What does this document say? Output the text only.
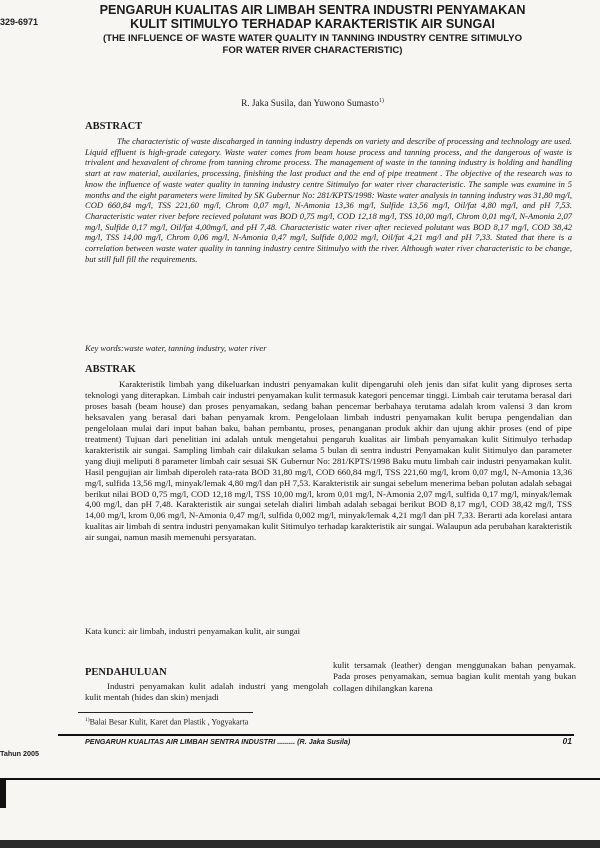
329-6971

PENGARUH KUALITAS AIR LIMBAH SENTRA INDUSTRI PENYAMAKAN KULIT SITIMULYO TERHADAP KARAKTERISTIK AIR SUNGAI

(THE INFLUENCE OF WASTE WATER QUALITY IN TANNING INDUSTRY CENTRE SITIMULYO FOR WATER RIVER CHARACTERISTIC)

R. Jaka Susila, dan Yuwono Sumasto$^{1)}$
ABSTRACT

The characteristic of waste discaharged in tanning industry depends on variety and describe of processing and technology are used. Liquid effluent is high-grade category. Waste water comes from beam house process and tanning process, and the dangerous of waste is trivalent and hexavalent of chrome from tanning chrome process. The management of waste in the tanning industry is holding and handling start at raw material, auxilaries, processing, finishing the last product and the end of pipe treatment . The objective of the research was to know the influence of waste water quality in tanning industry centre Sitimulyo for water river characteristic. The sample was examine in 5 months and the eight parameters were limited by SK Gubernur No: 281/KPTS/1998: Waste water analysis in tanning industry was 31,80 mg/l, COD 660,84 mg/l, TSS 221,60 mg/l, Chrom 0,07 mg/l, N-Amonia 13,36 mg/l, Sulfide 13,56 mg/l, Oil/fat 4,80 mg/l, and pH 7,53. Characteristic water river before recieved polutant was BOD 0,75 mg/l, COD 12,18 mg/l, TSS 10,00 mg/l, Chrom 0,01 mg/l, N-Amonia 2,07 mg/l, Sulfide 0,17 mg/l, Oil/fat 4,00mg/l, and pH 7,48. Characteristic water river after recieved polutant was BOD 8,17 mg/l, COD 38,42 mg/l, TSS 14,00 mg/l, Chrom 0,06 mg/l, N-Amonia 0,47 mg/l, Sulfide 0,002 mg/l, Oil/fat 4,21 mg/l and pH 7,33. Stated that there is a correlation between waste water quality in tanning industry centre Sitimulyo with the river. Although water river characteristic to be change, but still full fill the requirements.

Key words:waste water, tanning industry, water river
ABSTRAK

Karakteristik limbah yang dikeluarkan industri penyamakan kulit dipengaruhi oleh jenis dan sifat kulit yang diproses serta teknologi yang diterapkan. Limbah cair industri penyamakan kulit termasuk kategori pencemar tinggi. Limbah cair terutama berasal dari proses basah (beam house) dan proses penyamakan, sedang bahan pencemar berbahaya terutama adalah krom valensi 3 dan krom heksavalen yang berasal dari bahan penyamak krom. Pengelolaan limbah industri penyamakan kulit berupa pengendalian dan pengelolaan mulai dari input bahan baku, bahan pembantu, proses, penanganan produk akhir dan ujung akhir proses (end of pipe treatment) Tujuan dari penelitian ini adalah untuk mengetahui pengaruh kualitas air limbah penyamakan kulit Sitimulyo terhadap karakteristik air sungai. Sampling limbah cair dilakukan selama 5 bulan di sentra industri Penyamakan kulit Sitimulyo dan parameter yang diuji meliputi 8 parameter limbah cair sesuai SK Gubernur No: 281/KPTS/1998 Baku mutu limbah cair industri penyamakan kulit. Hasil pengujian air limbah diperoleh rata-rata BOD 31,80 mg/l, COD 660,84 mg/l, TSS 221,60 mg/l, krom 0,07 mg/l, N-Amonia 13,36 mg/l, sulfida 13,56 mg/l, minyak/lemak 4,80 mg/l dan pH 7,53. Karakteristik air sungai sebelum menerima beban polutan adalah sebagai berikut nilai BOD 0,75 mg/l, COD 12,18 mg/l, TSS 10,00 mg/l, krom 0,01 mg/l, N-Amonia 2,07 mg/l, sulfida 0,17 mg/l, minyak/lemak 4,00 mg/l, dan pH 7,48. Karakteristik air sungai setelah dialiri limbah adalah sebagai berikut BOD 8,17 mg/l, COD 38,42 mg/l, TSS 14,00 mg/l, krom 0,06 mg/l, N-Amonia 0,47 mg/l, sulfida 0,002 mg/l, minyak/lemak 4,21 mg/l dan pH 7,33. Berarti ada korelasi antara kualitas air limbah di sentra industri penyamakan kulit Sitimulyo terhadap karakteristik air sungai. Walaupun ada perubahan karakteristik air sungai, namun masih memenuhi persyaratan.

Kata kunci: air limbah, industri penyamakan kulit, air sungai
PENDAHULUAN

Industri penyamakan kulit adalah industri yang mengolah kulit mentah (hides dan skin) menjadi

kulit tersamak (leather) dengan menggunakan bahan penyamak. Pada proses penyamakan, semua bagian kulit mentah yang bukan collagen dihilangkan karena

$^{1)}$Balai Besar Kulit, Karet dan Plastik , Yogyakarta
PENGARUH KUALITAS AIR LIMBAH SENTRA INDUSTRI ......... (R. Jaka Susila)	01
Tahun 2005
